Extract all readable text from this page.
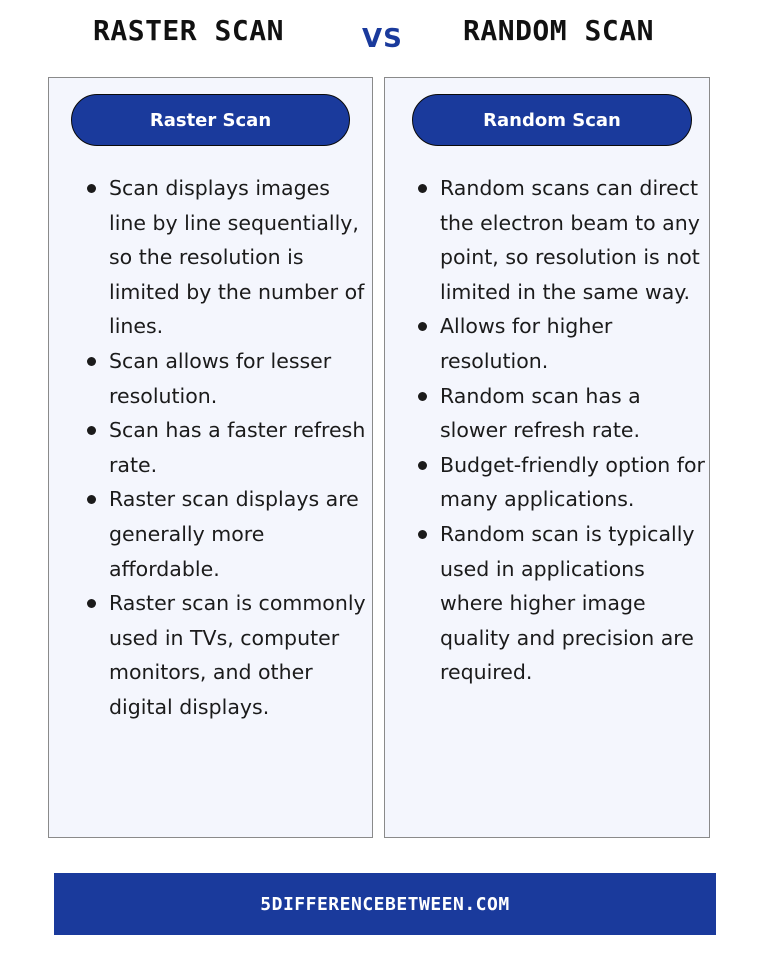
RASTER SCAN	VS RANDOM SCAN
Raster Scan
Scan displays images line by line sequentially, so the resolution is limited by the number of lines.
Scan allows for lesser resolution.
Scan has a faster refresh rate.
Raster scan displays are generally more affordable.
Raster scan is commonly used in TVs, computer monitors, and other digital displays.
Random Scan
Random scans can direct the electron beam to any point, so resolution is not limited in the same way.
Allows for higher resolution.
Random scan has a slower refresh rate.
Budget-friendly option for many applications.
Random scan is typically used in applications where higher image quality and precision are required.
5DIFFERENCEBETWEEN.COM
